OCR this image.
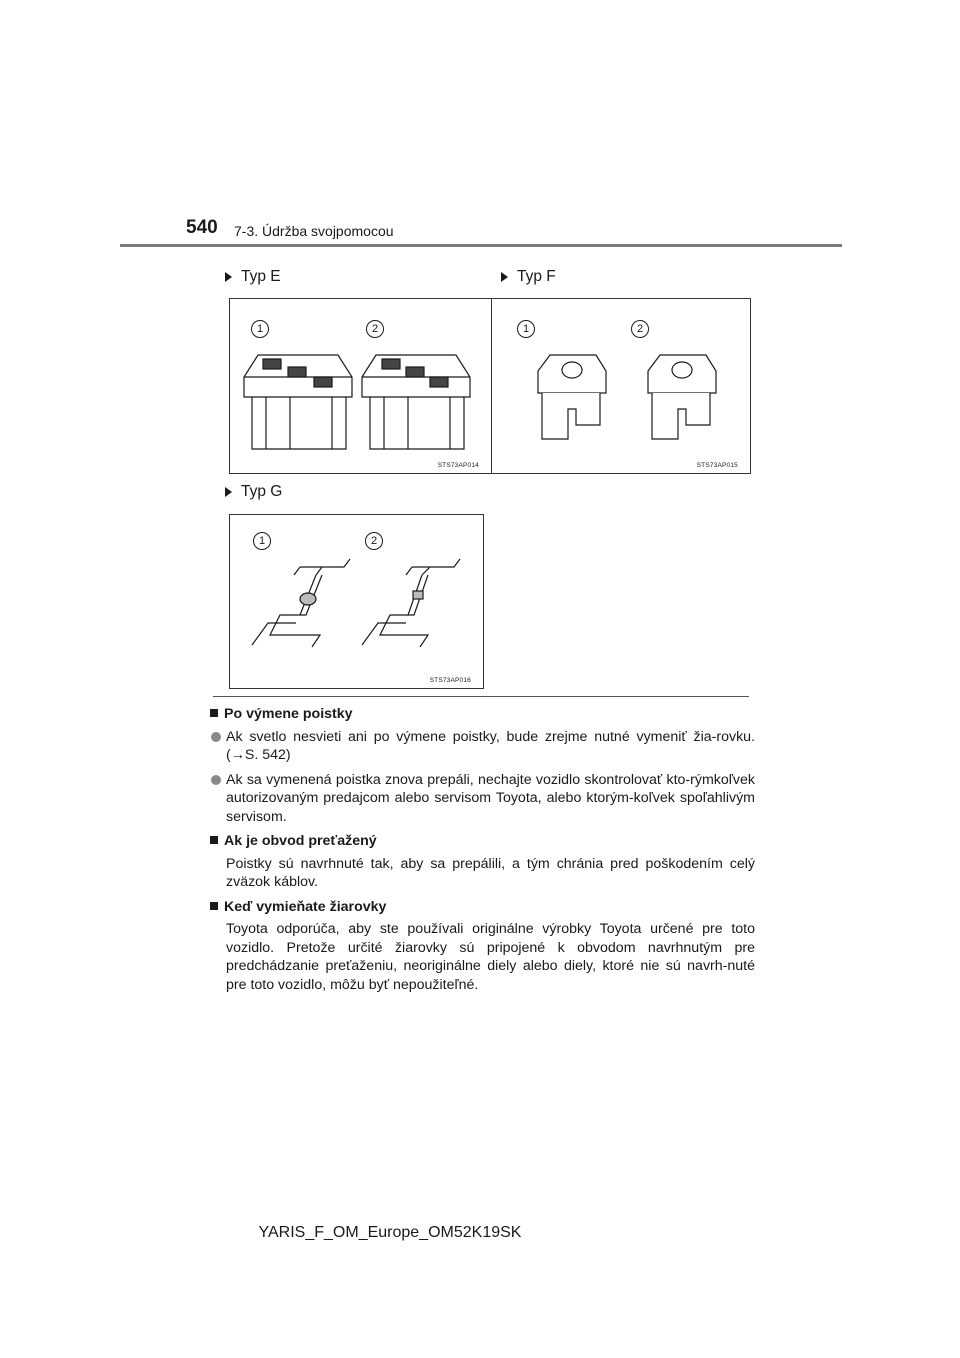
540 7-3. Údržba svojpomocou
Typ E
1	2
STS73AP014
Typ F
1	2
STS73AP015
Typ G
1	2
STS73AP016
Po výmene poistky
Ak svetlo nesvieti ani po výmene poistky, bude zrejme nutné vymeniť žia-rovku. (→S. 542)
Ak sa vymenená poistka znova prepáli, nechajte vozidlo skontrolovať kto-rýmkoľvek autorizovaným predajcom alebo servisom Toyota, alebo ktorým-koľvek spoľahlivým servisom.
Ak je obvod preťažený
Poistky sú navrhnuté tak, aby sa prepálili, a tým chránia pred poškodením celý zväzok káblov.
Keď vymieňate žiarovky
Toyota odporúča, aby ste používali originálne výrobky Toyota určené pre toto vozidlo. Pretože určité žiarovky sú pripojené k obvodom navrhnutým pre predchádzanie preťaženiu, neoriginálne diely alebo diely, ktoré nie sú navrh-nuté pre toto vozidlo, môžu byť nepoužiteľné.
YARIS_F_OM_Europe_OM52K19SK
